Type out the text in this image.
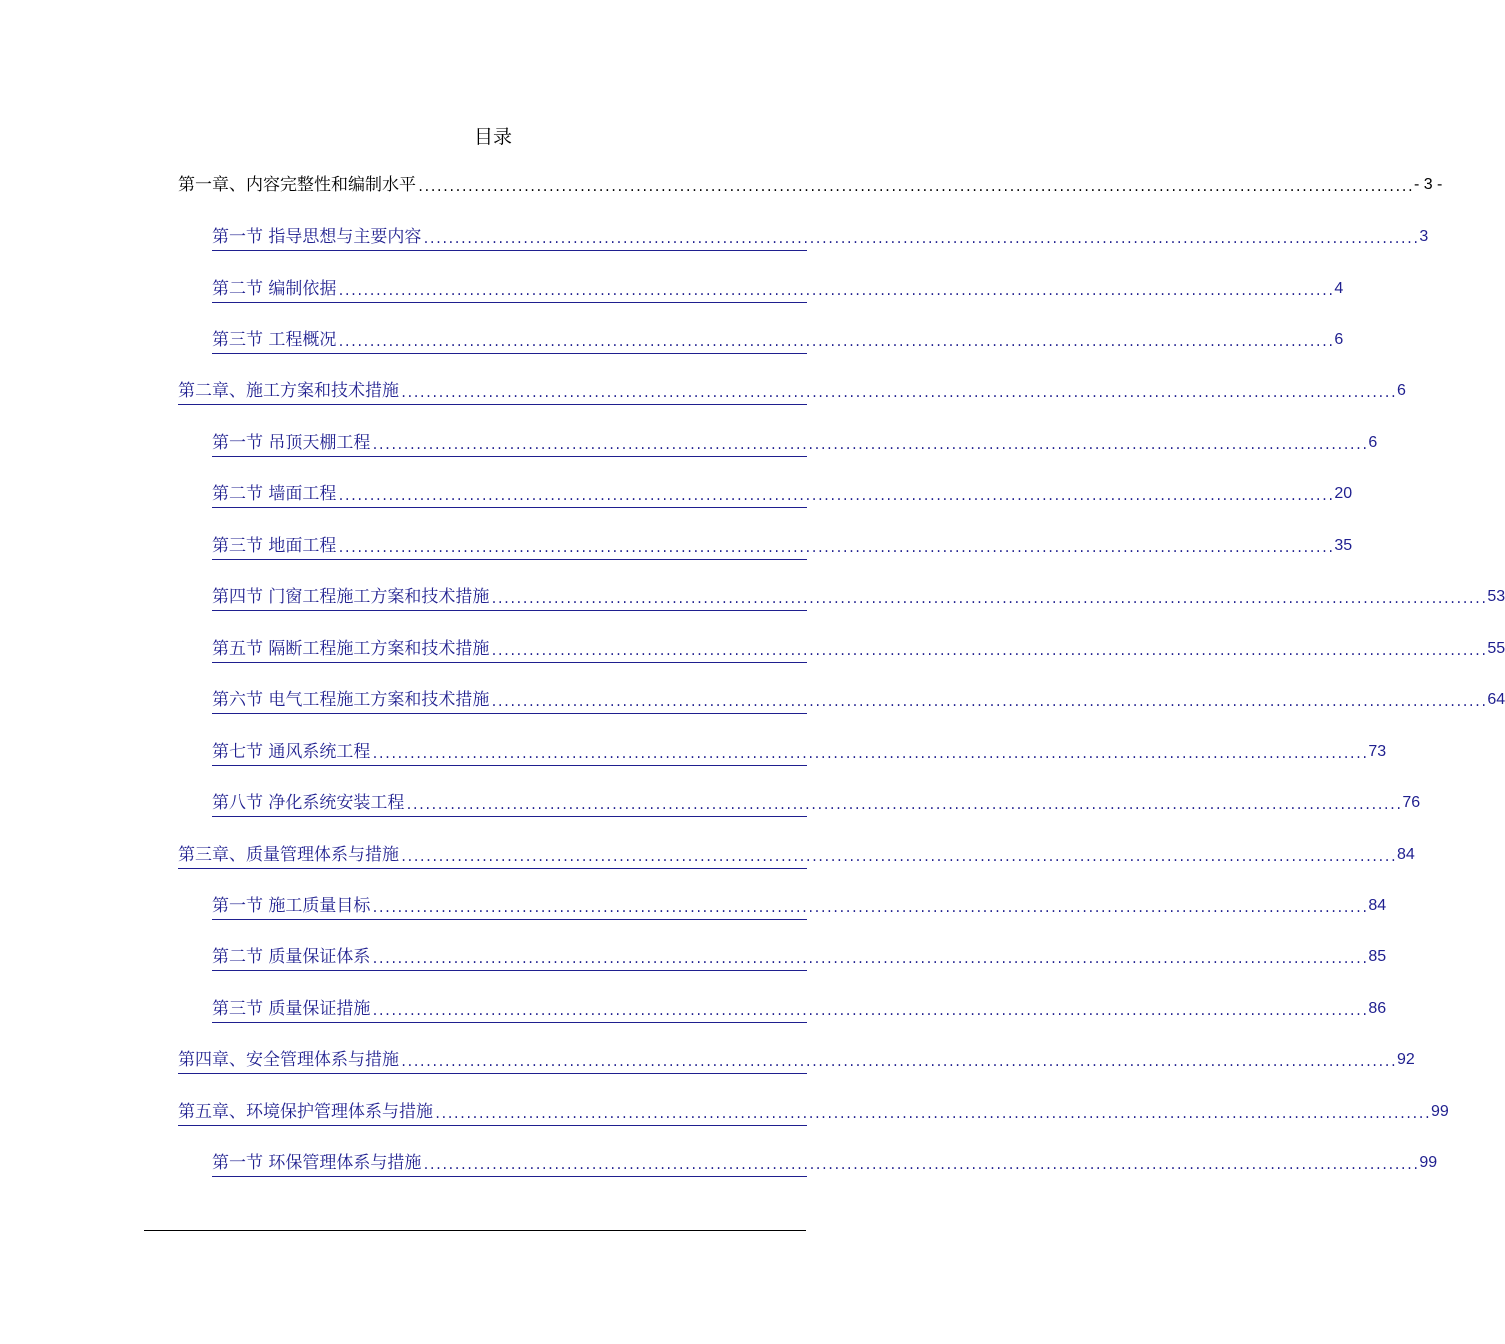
目录
第一章、内容完整性和编制水平 ................................................................................................................................................................ - 3 -
第一节 指导思想与主要内容 ................................................................................................................................................................ 3
第二节 编制依据 ................................................................................................................................................................ 4
第三节 工程概况 ................................................................................................................................................................ 6
第二章、施工方案和技术措施 ................................................................................................................................................................ 6
第一节 吊顶天棚工程 ................................................................................................................................................................ 6
第二节 墙面工程 ................................................................................................................................................................ 20
第三节 地面工程 ................................................................................................................................................................ 35
第四节 门窗工程施工方案和技术措施 ................................................................................................................................................................ 53
第五节 隔断工程施工方案和技术措施 ................................................................................................................................................................ 55
第六节 电气工程施工方案和技术措施 ................................................................................................................................................................ 64
第七节 通风系统工程 ................................................................................................................................................................ 73
第八节 净化系统安装工程 ................................................................................................................................................................ 76
第三章、质量管理体系与措施 ................................................................................................................................................................ 84
第一节 施工质量目标 ................................................................................................................................................................ 84
第二节 质量保证体系 ................................................................................................................................................................ 85
第三节 质量保证措施 ................................................................................................................................................................ 86
第四章、安全管理体系与措施 ................................................................................................................................................................ 92
第五章、环境保护管理体系与措施 ................................................................................................................................................................ 99
第一节 环保管理体系与措施 ................................................................................................................................................................ 99
